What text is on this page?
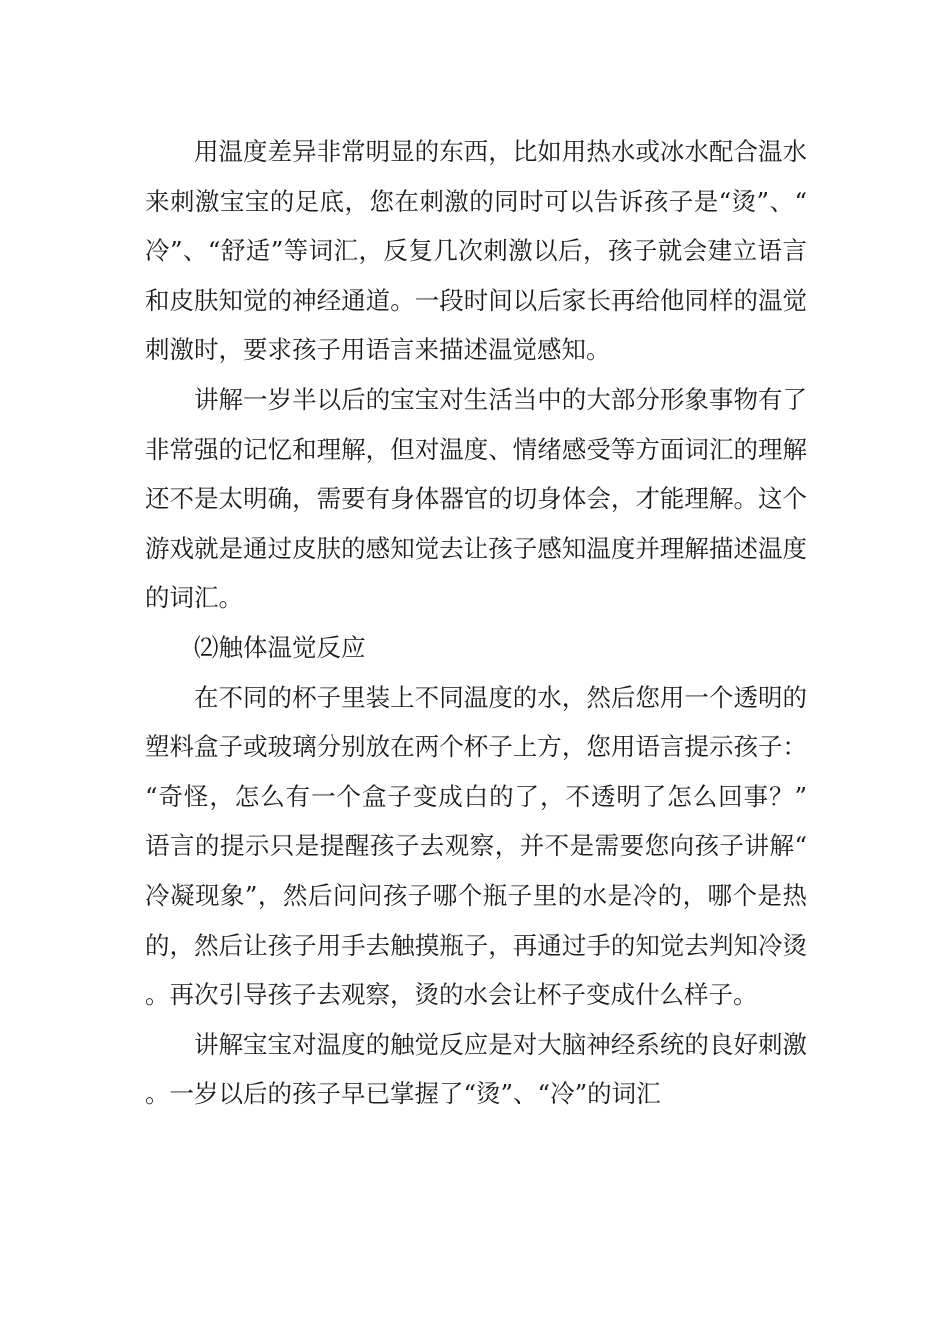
用温度差异非常明显的东西，比如用热水或冰水配合温水来刺激宝宝的足底，您在刺激的同时可以告诉孩子是“烫”、“冷”、“舒适”等词汇，反复几次刺激以后，孩子就会建立语言和皮肤知觉的神经通道。一段时间以后家长再给他同样的温觉刺激时，要求孩子用语言来描述温觉感知。

讲解一岁半以后的宝宝对生活当中的大部分形象事物有了非常强的记忆和理解，但对温度、情绪感受等方面词汇的理解还不是太明确，需要有身体器官的切身体会，才能理解。这个游戏就是通过皮肤的感知觉去让孩子感知温度并理解描述温度的词汇。

⑵触体温觉反应

在不同的杯子里装上不同温度的水，然后您用一个透明的塑料盒子或玻璃分别放在两个杯子上方，您用语言提示孩子：“奇怪，怎么有一个盒子变成白的了，不透明了怎么回事？”语言的提示只是提醒孩子去观察，并不是需要您向孩子讲解“冷凝现象”，然后问问孩子哪个瓶子里的水是冷的，哪个是热的，然后让孩子用手去触摸瓶子，再通过手的知觉去判知冷烫。再次引导孩子去观察，烫的水会让杯子变成什么样子。

讲解宝宝对温度的触觉反应是对大脑神经系统的良好刺激。一岁以后的孩子早已掌握了“烫”、“冷”的词汇
